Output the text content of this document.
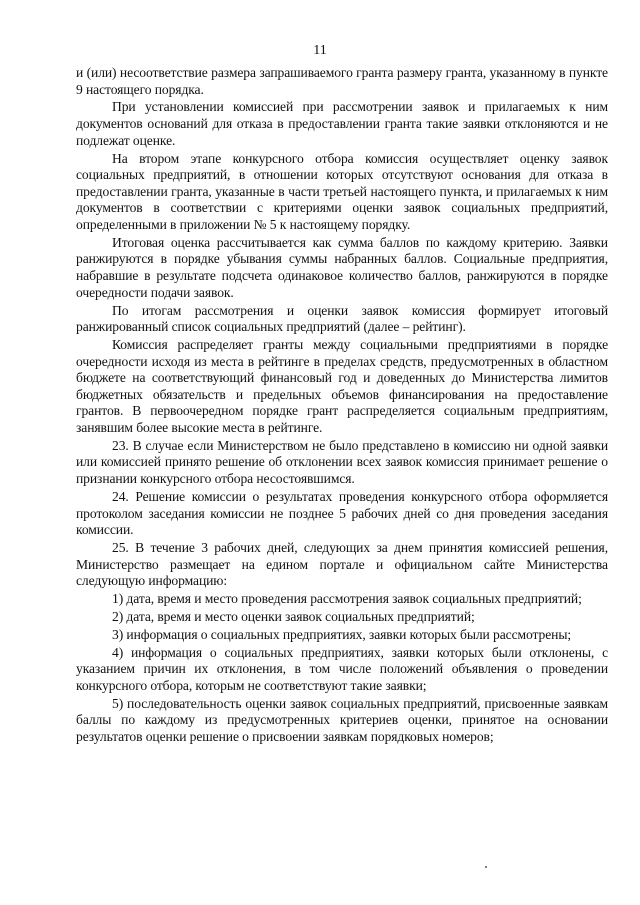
11

и (или) несоответствие размера запрашиваемого гранта размеру гранта, указанному в пункте 9 настоящего порядка.

При установлении комиссией при рассмотрении заявок и прилагаемых к ним документов оснований для отказа в предоставлении гранта такие заявки отклоняются и не подлежат оценке.

На втором этапе конкурсного отбора комиссия осуществляет оценку заявок социальных предприятий, в отношении которых отсутствуют основания для отказа в предоставлении гранта, указанные в части третьей настоящего пункта, и прилагаемых к ним документов в соответствии с критериями оценки заявок социальных предприятий, определенными в приложении № 5 к настоящему порядку.

Итоговая оценка рассчитывается как сумма баллов по каждому критерию. Заявки ранжируются в порядке убывания суммы набранных баллов. Социальные предприятия, набравшие в результате подсчета одинаковое количество баллов, ранжируются в порядке очередности подачи заявок.

По итогам рассмотрения и оценки заявок комиссия формирует итоговый ранжированный список социальных предприятий (далее – рейтинг).

Комиссия распределяет гранты между социальными предприятиями в порядке очередности исходя из места в рейтинге в пределах средств, предусмотренных в областном бюджете на соответствующий финансовый год и доведенных до Министерства лимитов бюджетных обязательств и предельных объемов финансирования на предоставление грантов. В первоочередном порядке грант распределяется социальным предприятиям, занявшим более высокие места в рейтинге.

23. В случае если Министерством не было представлено в комиссию ни одной заявки или комиссией принято решение об отклонении всех заявок комиссия принимает решение о признании конкурсного отбора несостоявшимся.

24. Решение комиссии о результатах проведения конкурсного отбора оформляется протоколом заседания комиссии не позднее 5 рабочих дней со дня проведения заседания комиссии.

25. В течение 3 рабочих дней, следующих за днем принятия комиссией решения, Министерство размещает на едином портале и официальном сайте Министерства следующую информацию:

1) дата, время и место проведения рассмотрения заявок социальных предприятий;

2) дата, время и место оценки заявок социальных предприятий;

3) информация о социальных предприятиях, заявки которых были рассмотрены;

4) информация о социальных предприятиях, заявки которых были отклонены, с указанием причин их отклонения, в том числе положений объявления о проведении конкурсного отбора, которым не соответствуют такие заявки;

5) последовательность оценки заявок социальных предприятий, присвоенные заявкам баллы по каждому из предусмотренных критериев оценки, принятое на основании результатов оценки решение о присвоении заявкам порядковых номеров;
